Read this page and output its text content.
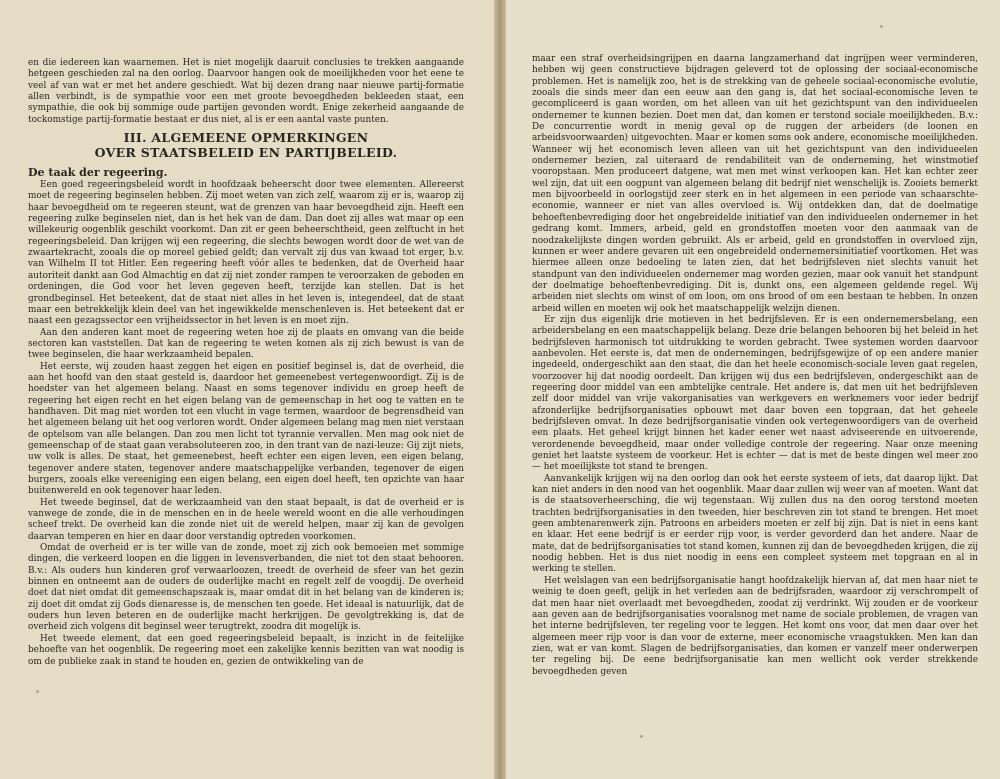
en die iedereen kan waarnemen. Het is niet mogelijk daaruit conclusies te trekken aangaande hetgeen geschieden zal na den oorlog. Daarvoor hangen ook de moeilijkheden voor het eene te veel af van wat er met het andere geschiedt. Wat bij dezen drang naar nieuwe partij-formatie allen verbindt, is de sympathie voor een met groote bevoegdheden bekleeden staat, een sympathie, die ook bij sommige oude partijen gevonden wordt. Enige zekerheid aangaande de tockomstige partij-formatie bestaat er dus niet, al is er een aantal vaste punten.

III. ALGEMEENE OPMERKINGEN
OVER STAATSBELEID EN PARTIJBELEID.
De taak der regeering.

Een goed regeeringsbeleid wordt in hoofdzaak beheerscht door twee elementen. Allereerst moet de regeering beginselen hebben. Zij moet weten van zich zelf, waarom zij er is, waarop zij haar bevoegdheid om te regeeren steunt, wat de grenzen van haar bevoegdheid zijn. Heeft een regeering zulke beginselen niet, dan is het hek van de dam. Dan doet zij alles wat maar op een willekeurig oogenblik geschikt voorkomt. Dan zit er geen beheerschtheid, geen zelftucht in het regeeringsbeleid. Dan krijgen wij een regeering, die slechts bewogen wordt door de wet van de zwaartekracht, zooals die op moreel gebied geldt; dan vervalt zij dus van kwaad tot erger, b.v. van Wilhelm II tot Hitler. Een regeering heeft vóór alles te bedenken, dat de Overheid haar autoriteit dankt aan God Almachtig en dat zij niet zonder rampen te veroorzaken de geboden en ordeningen, die God voor het leven gegeven heeft, terzijde kan stellen. Dat is het grondbeginsel. Het beteekent, dat de staat niet alles in het leven is, integendeel, dat de staat maar een betrekkelijk klein deel van het ingewikkelde menschenleven is. Het beteekent dat er naast een gezagssector een vrijheidssector in het leven is en moet zijn.

Aan den anderen kant moet de regeering weten hoe zij de plaats en omvang van die beide sectoren kan vaststellen. Dat kan de regeering te weten komen als zij zich bewust is van de twee beginselen, die haar werkzaamheid bepalen.

Het eerste, wij zouden haast zeggen het eigen en positief beginsel is, dat de overheid, die aan het hoofd van den staat gesteld is, daardoor het gemeenebest vertegenwoordigt. Zij is de hoedster van het algemeen belang. Naast en soms tegenover individu en groep heeft de regeering het eigen recht en het eigen belang van de gemeenschap in het oog te vatten en te handhaven. Dit mag niet worden tot een vlucht in vage termen, waardoor de begrensdheid van het algemeen belang uit het oog verloren wordt. Onder algemeen belang mag men niet verstaan de optelsom van alle belangen. Dan zou men licht tot tyrannie vervallen. Men mag ook niet de gemeenschap of de staat gaan verabsoluteeren zoo, in den trant van de nazi-leuze: Gij zijt niets, uw volk is alles. De staat, het gemeenebest, heeft echter een eigen leven, een eigen belang, tegenover andere staten, tegenover andere maatschappelijke verbanden, tegenover de eigen burgers, zooals elke vereeniging een eigen belang, een eigen doel heeft, ten opzichte van haar buitenwereld en ook tegenover haar leden.

Het tweede beginsel, dat de werkzaamheid van den staat bepaalt, is dat de overheid er is vanwege de zonde, die in de menschen en in de heele wereld woont en die alle verhoudingen scheef trekt. De overheid kan die zonde niet uit de wereld helpen, maar zij kan de gevolgen daarvan temperen en hier en daar door verstandig optreden voorkomen.

Omdat de overheid er is ter wille van de zonde, moet zij zich ook bemoeien met sommige dingen, die verkeerd loopen en die liggen in levensverbanden, die niet tot den staat behooren. B.v.: Als ouders hun kinderen grof verwaarloozen, treedt de overheid de sfeer van het gezin binnen en ontneemt aan de ouders de ouderlijke macht en regelt zelf de voogdij. De overheid doet dat niet omdat dit gemeenschapszaak is, maar omdat dit in het belang van de kinderen is; zij doet dit omdat zij Gods dienaresse is, de menschen ten goede. Het ideaal is natuurlijk, dat de ouders hun leven beteren en de ouderlijke macht herkrijgen. De gevolgtrekking is, dat de overheid zich volgens dit beginsel weer terugtrekt, zoodra dit mogelijk is.

Het tweede element, dat een goed regeeringsbeleid bepaalt, is inzicht in de feitelijke behoefte van het oogenblik. De regeering moet een zakelijke kennis bezitten van wat noodig is om de publieke zaak in stand te houden en, gezien de ontwikkeling van de

maar een straf overheidsingrijpen en daarna langzamerhand dat ingrijpen weer verminderen, hebben wij geen constructieve bijdragen geleverd tot de oplossing der sociaal-economische problemen. Het is namelijk zoo, het is de strekking van de geheele sociaal-economische evolutie, zooals die sinds meer dan een eeuw aan den gang is, dat het sociaal-economische leven te gecompliceerd is gaan worden, om het alleen van uit het gezichtspunt van den individueelen ondernemer te kunnen bezien. Doet men dat, dan komen er terstond sociale moeilijkheden. B.v.: De concurrentie wordt in menig geval op de ruggen der arbeiders (de loonen en arbeidsvoorwaarden) uitgevochten. Maar er komen soms ook andere, economische moeilijkheden. Wanneer wij het economisch leven alleen van uit het gezichtspunt van den individueelen ondernemer bezien, zal uiteraard de rendabiliteit van de onderneming, het winstmotief vooropstaan. Men produceert datgene, wat men met winst verkoopen kan. Het kan echter zeer wel zijn, dat uit een oogpunt van algemeen belang dit bedrijf niet wenschelijk is. Zooiets bemerkt men bijvoorbeeld in oorlogstijd zeer sterk en in het algemeen in een periode van schaarschte-economie, wanneer er niet van alles overvloed is. Wij ontdekken dan, dat de doelmatige behoeftenbevrediging door het ongebreidelde initiatief van den individueelen ondernemer in het gedrang komt. Immers, arbeid, geld en grondstoffen moeten voor den aanmaak van de noodzakelijkste dingen worden gebruikt. Als er arbeid, geld en grondstoffen in overvloed zijn, kunnen er weer andere gevaren uit een ongebreideld ondernemersinitiatief voortkomen. Het was hiermee alleen onze bedoeling te laten zien, dat het bedrijfsleven niet slechts vanuit het standpunt van den individueelen ondernemer mag worden gezien, maar ook vanuit het standpunt der doelmatige behoeftenbevrediging. Dit is, dunkt ons, een algemeen geldende regel. Wij arbeiden niet slechts om winst of om loon, om ons brood of om een bestaan te hebben. In onzen arbeid willen en moeten wij ook het maatschappelijk welzijn dienen.

Er zijn dus eigenlijk drie motieven in het bedrijfsleven. Er is een ondernemersbelang, een arbeidersbelang en een maatschappelijk belang. Deze drie belangen behooren bij het beleid in het bedrijfsleven harmonisch tot uitdrukking te worden gebracht. Twee systemen worden daarvoor aanbevolen. Het eerste is, dat men de ondernemingen, bedrijfsgewijze of op een andere manier ingedeeld, ondergeschikt aan den staat, die dan het heele economisch-sociale leven gaat regelen, voorzoover hij dat noodig oordeelt. Dan krijgen wij dus een bedrijfsleven, ondergeschikt aan de regeering door middel van een ambtelijke centrale. Het andere is, dat men uit het bedrijfsleven zelf door middel van vrije vakorganisaties van werkgevers en werknemers voor ieder bedrijf afzonderlijke bedrijfsorganisaties opbouwt met daar boven een topgraan, dat het geheele bedrijfsleven omvat. In deze bedrijfsorganisatie vinden ook vertegenwoordigers van de overheid een plaats. Het geheel krijgt binnen het kader eener wet naast adviseerende en uitvoerende, verordenende bevoegdheid, maar onder volledige controle der regeering. Naar onze meening geniet het laatste systeem de voorkeur. Het is echter — dat is met de beste dingen wel meer zoo — het moeilijkste tot stand te brengen.

Aanvankelijk krijgen wij na den oorlog dan ook het eerste systeem of iets, dat daarop lijkt. Dat kan niet anders in den nood van het oogenblik. Maar daar zullen wij weer van af moeten. Want dat is de staatsoverheersching, die wij tegenstaan. Wij zullen dus na den oorog terstond moeten trachten bedrijfsorganisaties in den tweeden, hier beschreven zin tot stand te brengen. Het moet geen ambtenarenwerk zijn. Patroons en arbeiders moeten er zelf bij zijn. Dat is niet in eens kant en klaar. Het eene bedrijf is er eerder rijp voor, is verder gevorderd dan het andere. Naar de mate, dat de bedrijfsorganisaties tot stand komen, kunnen zij dan de bevoegdheden krijgen, die zij noodig hebben. Het is dus niet noodig in eens een compleet systeem met topgraan en al in werking te stellen.

Het welslagen van een bedrijfsorganisatie hangt hoofdzakelijk hiervan af, dat men haar niet te weinig te doen geeft, gelijk in het verleden aan de bedrijfsraden, waardoor zij verschrompelt of dat men haar niet overlaadt met bevoegdheden, zoodat zij verdrinkt. Wij zouden er de voorkeur aan geven aan de bedrijfsorganisaties vooralsnog met name de sociale problemen, de vragen van het interne bedrijfsleven, ter regeling voor te leggen. Het komt ons voor, dat men daar over het algemeen meer rijp voor is dan voor de externe, meer economische vraagstukken. Men kan dan zien, wat er van komt. Slagen de bedrijfsorganisaties, dan komen er vanzelf meer onderwerpen ter regeling bij. De eene bedrijfsorganisatie kan men wellicht ook verder strekkende bevoegdheden geven
